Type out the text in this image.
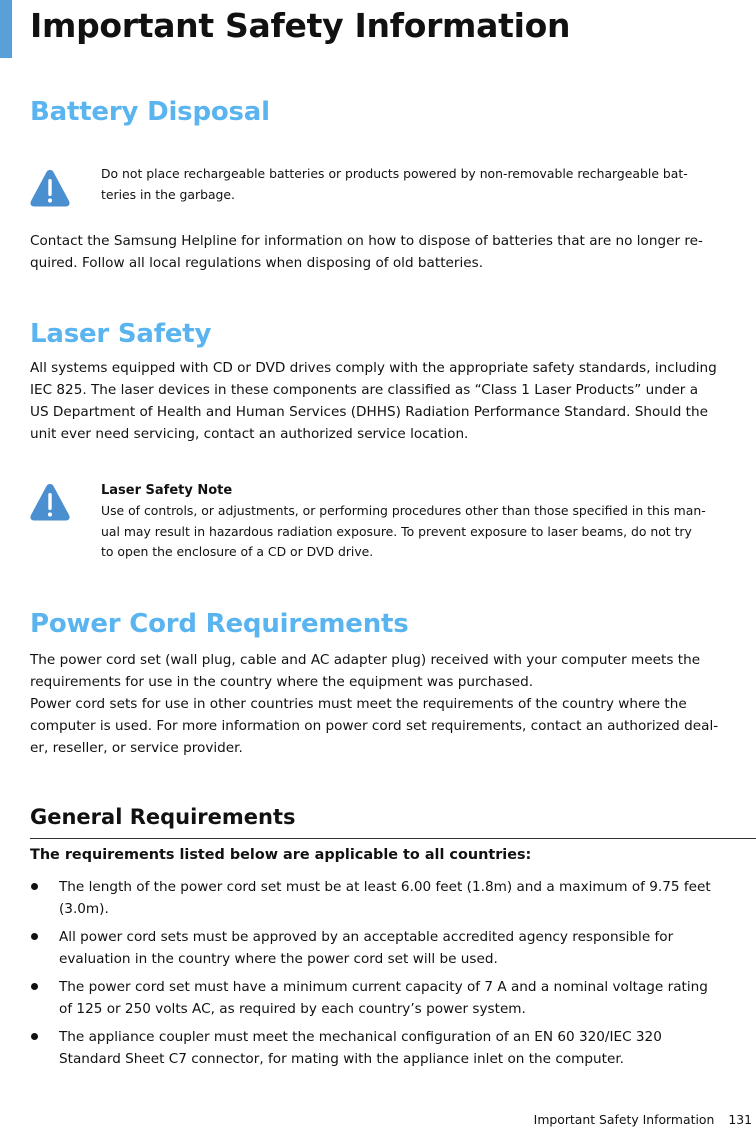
Important Safety Information
Battery Disposal
Do not place rechargeable batteries or products powered by non-removable rechargeable bat-
teries in the garbage.
Contact the Samsung Helpline for information on how to dispose of batteries that are no longer re-
quired. Follow all local regulations when disposing of old batteries.
Laser Safety
All systems equipped with CD or DVD drives comply with the appropriate safety standards, including
IEC 825. The laser devices in these components are classified as “Class 1 Laser Products” under a
US Department of Health and Human Services (DHHS) Radiation Performance Standard. Should the
unit ever need servicing, contact an authorized service location.
Laser Safety Note
Use of controls, or adjustments, or performing procedures other than those specified in this man-
ual may result in hazardous radiation exposure. To prevent exposure to laser beams, do not try
to open the enclosure of a CD or DVD drive.
Power Cord Requirements
The power cord set (wall plug, cable and AC adapter plug) received with your computer meets the
requirements for use in the country where the equipment was purchased.
Power cord sets for use in other countries must meet the requirements of the country where the
computer is used. For more information on power cord set requirements, contact an authorized deal-
er, reseller, or service provider.
General Requirements
The requirements listed below are applicable to all countries:
The length of the power cord set must be at least 6.00 feet (1.8m) and a maximum of 9.75 feet
(3.0m).
All power cord sets must be approved by an acceptable accredited agency responsible for
evaluation in the country where the power cord set will be used.
The power cord set must have a minimum current capacity of 7 A and a nominal voltage rating
of 125 or 250 volts AC, as required by each country’s power system.
The appliance coupler must meet the mechanical configuration of an EN 60 320/IEC 320
Standard Sheet C7 connector, for mating with the appliance inlet on the computer.
Important Safety Information 131
